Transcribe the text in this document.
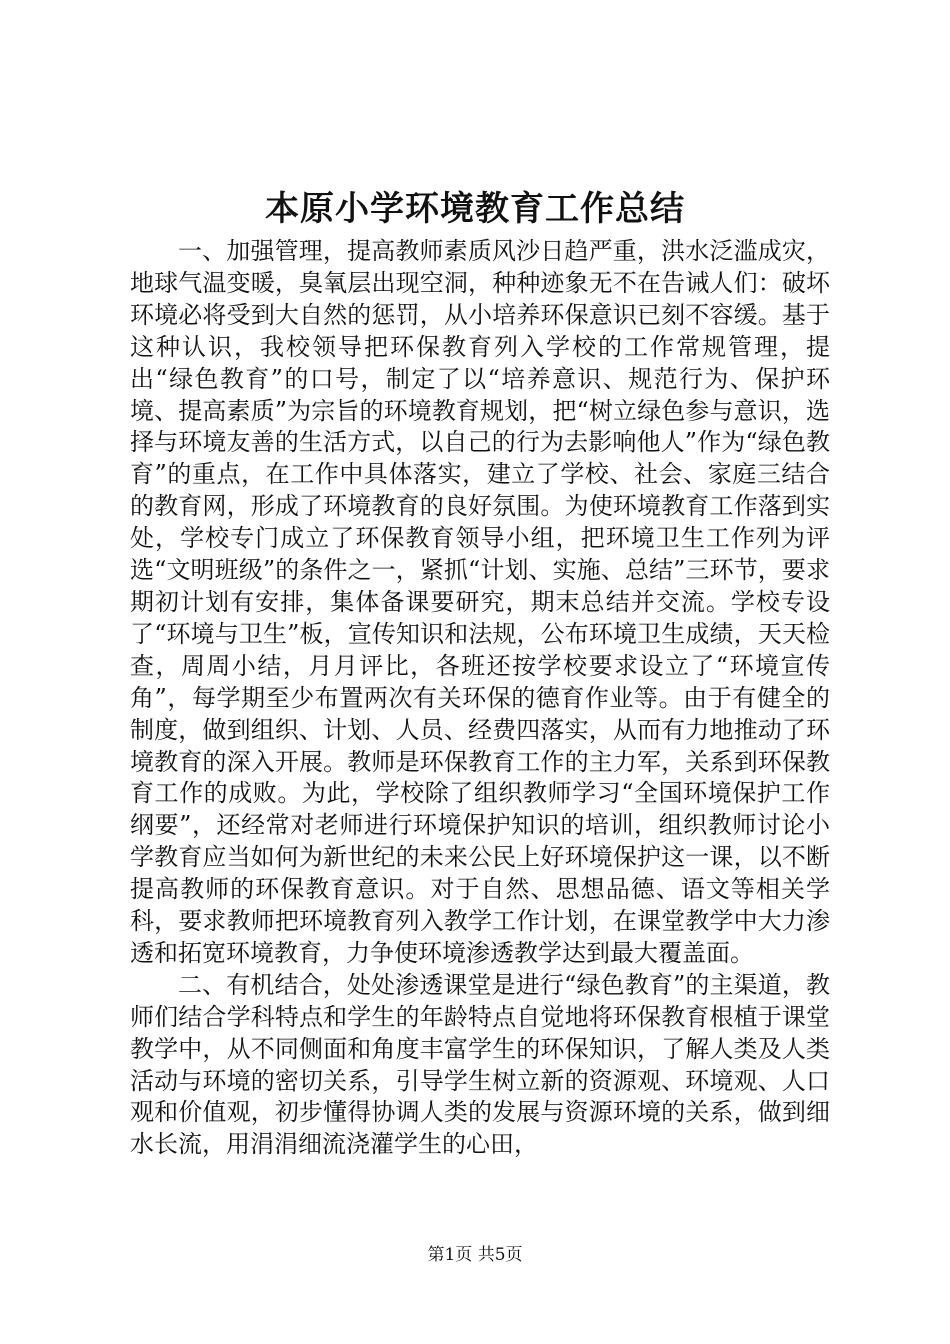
本原小学环境教育工作总结

一、加强管理，提高教师素质风沙日趋严重，洪水泛滥成灾，地球气温变暖，臭氧层出现空洞，种种迹象无不在告诫人们：破坏环境必将受到大自然的惩罚，从小培养环保意识已刻不容缓。基于这种认识，我校领导把环保教育列入学校的工作常规管理，提出“绿色教育”的口号，制定了以“培养意识、规范行为、保护环境、提高素质”为宗旨的环境教育规划，把“树立绿色参与意识，选择与环境友善的生活方式，以自己的行为去影响他人”作为“绿色教育”的重点，在工作中具体落实，建立了学校、社会、家庭三结合的教育网，形成了环境教育的良好氛围。为使环境教育工作落到实处，学校专门成立了环保教育领导小组，把环境卫生工作列为评选“文明班级”的条件之一，紧抓“计划、实施、总结”三环节，要求期初计划有安排，集体备课要研究，期末总结并交流。学校专设了“环境与卫生”板，宣传知识和法规，公布环境卫生成绩，天天检查，周周小结，月月评比，各班还按学校要求设立了“环境宣传角”，每学期至少布置两次有关环保的德育作业等。由于有健全的制度，做到组织、计划、人员、经费四落实，从而有力地推动了环境教育的深入开展。教师是环保教育工作的主力军，关系到环保教育工作的成败。为此，学校除了组织教师学习“全国环境保护工作纲要”，还经常对老师进行环境保护知识的培训，组织教师讨论小学教育应当如何为新世纪的未来公民上好环境保护这一课，以不断提高教师的环保教育意识。对于自然、思想品德、语文等相关学科，要求教师把环境教育列入教学工作计划，在课堂教学中大力渗透和拓宽环境教育，力争使环境渗透教学达到最大覆盖面。

二、有机结合，处处渗透课堂是进行“绿色教育”的主渠道，教师们结合学科特点和学生的年龄特点自觉地将环保教育根植于课堂教学中，从不同侧面和角度丰富学生的环保知识，了解人类及人类活动与环境的密切关系，引导学生树立新的资源观、环境观、人口观和价值观，初步懂得协调人类的发展与资源环境的关系，做到细水长流，用涓涓细流浇灌学生的心田，

第1页 共5页
